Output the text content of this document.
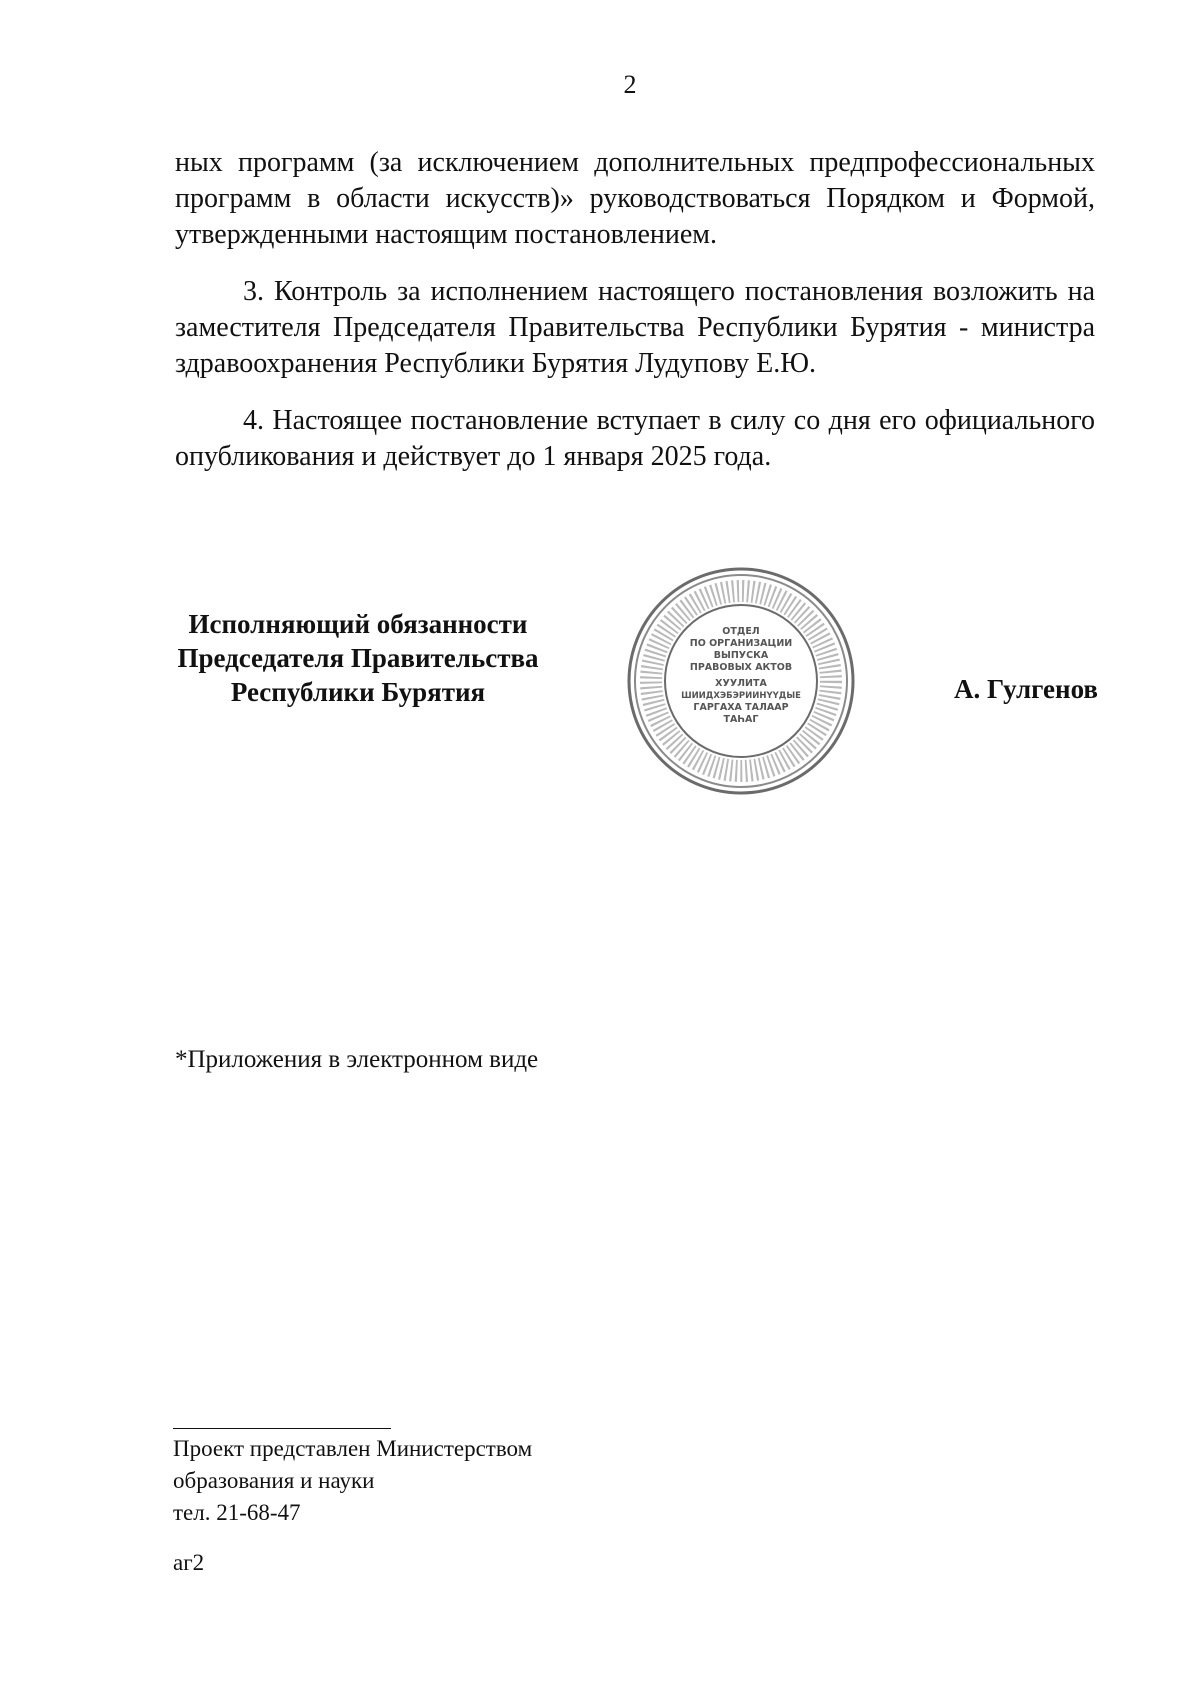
2
ных программ (за исключением дополнительных предпрофессиональных программ в области искусств)» руководствоваться Порядком и Формой, утвержденными настоящим постановлением.
3. Контроль за исполнением настоящего постановления возложить на заместителя Председателя Правительства Республики Бурятия - министра здравоохранения Республики Бурятия Лудупову Е.Ю.
4. Настоящее постановление вступает в силу со дня его официального опубликования и действует до 1 января 2025 года.
Исполняющий обязанности
Председателя Правительства
Республики Бурятия
ОТДЕЛ
ПО ОРГАНИЗАЦИИ
ВЫПУСКА
ПРАВОВЫХ АКТОВ
ХУУЛИТА
ШИИДХЭБЭРИИНҮҮДЫЕ
ГАРГАХА ТАЛААР
ТАҺАГ
А. Гулгенов
*Приложения в электронном виде
Проект представлен Министерством
образования и науки
тел. 21-68-47
аг2
